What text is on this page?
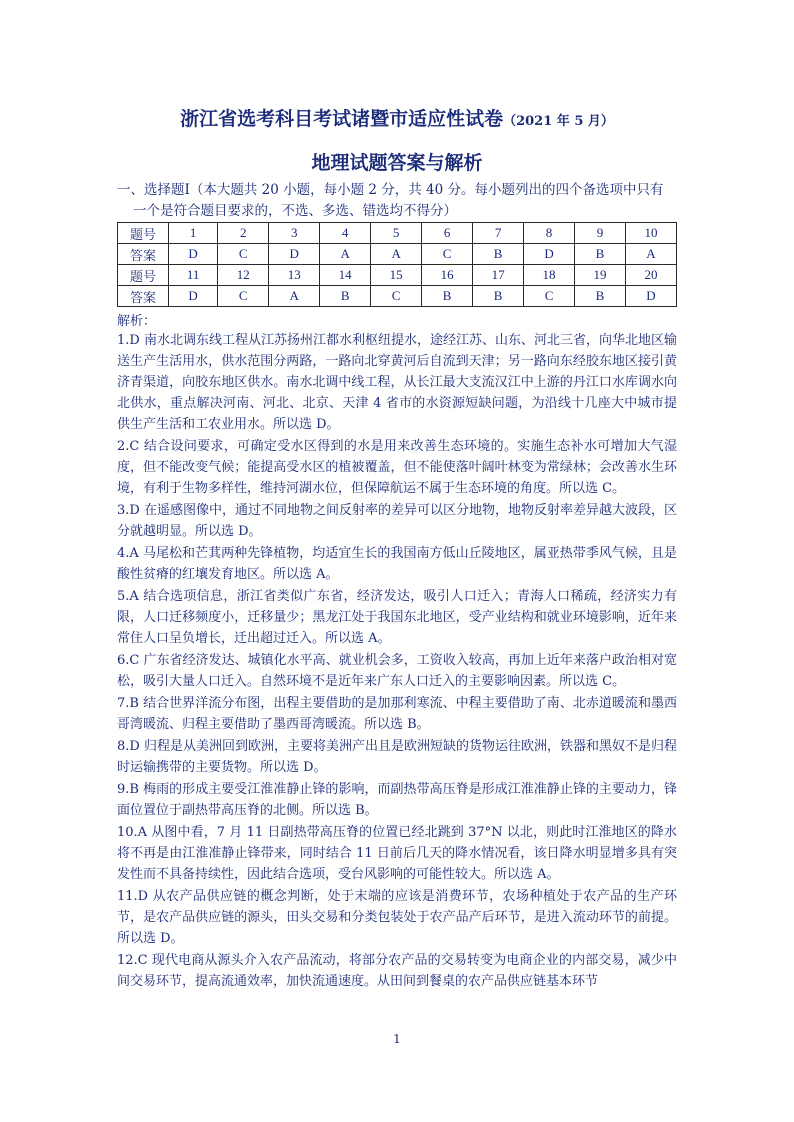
浙江省选考科目考试诸暨市适应性试卷（2021 年 5 月）
地理试题答案与解析
一、选择题Ⅰ（本大题共 20 小题，每小题 2 分，共 40 分。每小题列出的四个备选项中只有
一个是符合题目要求的，不选、多选、错选均不得分）
题号	1	2	3	4	5	6	7	8	9	10
答案	D	C	D	A	A	C	B	D	B	A
题号	11	12	13	14	15	16	17	18	19	20
答案	D	C	A	B	C	B	B	C	B	D
解析：

1.D 南水北调东线工程从江苏扬州江都水利枢纽提水，途经江苏、山东、河北三省，向华北地区输送生产生活用水，供水范围分两路，一路向北穿黄河后自流到天津；另一路向东经胶东地区接引黄济青渠道，向胶东地区供水。南水北调中线工程，从长江最大支流汉江中上游的丹江口水库调水向北供水，重点解决河南、河北、北京、天津 4 省市的水资源短缺问题，为沿线十几座大中城市提供生产生活和工农业用水。所以选 D。

2.C 结合设问要求，可确定受水区得到的水是用来改善生态环境的。实施生态补水可增加大气湿度，但不能改变气候；能提高受水区的植被覆盖，但不能使落叶阔叶林变为常绿林；会改善水生环境，有利于生物多样性，维持河湖水位，但保障航运不属于生态环境的角度。所以选 C。

3.D 在遥感图像中，通过不同地物之间反射率的差异可以区分地物，地物反射率差异越大波段，区分就越明显。所以选 D。

4.A 马尾松和芒萁两种先锋植物，均适宜生长的我国南方低山丘陵地区，属亚热带季风气候，且是酸性贫瘠的红壤发育地区。所以选 A。

5.A 结合选项信息，浙江省类似广东省，经济发达，吸引人口迁入；青海人口稀疏，经济实力有限，人口迁移频度小，迁移量少；黑龙江处于我国东北地区，受产业结构和就业环境影响，近年来常住人口呈负增长，迁出超过迁入。所以选 A。

6.C 广东省经济发达、城镇化水平高、就业机会多，工资收入较高，再加上近年来落户政治相对宽松，吸引大量人口迁入。自然环境不是近年来广东人口迁入的主要影响因素。所以选 C。

7.B 结合世界洋流分布图，出程主要借助的是加那利寒流、中程主要借助了南、北赤道暖流和墨西哥湾暖流、归程主要借助了墨西哥湾暖流。所以选 B。

8.D 归程是从美洲回到欧洲，主要将美洲产出且是欧洲短缺的货物运往欧洲，铁器和黑奴不是归程时运输携带的主要货物。所以选 D。

9.B 梅雨的形成主要受江淮准静止锋的影响，而副热带高压脊是形成江淮准静止锋的主要动力，锋面位置位于副热带高压脊的北侧。所以选 B。

10.A 从图中看，7 月 11 日副热带高压脊的位置已经北跳到 37°N 以北，则此时江淮地区的降水将不再是由江淮准静止锋带来，同时结合 11 日前后几天的降水情况看，该日降水明显增多具有突发性而不具备持续性，因此结合选项，受台风影响的可能性较大。所以选 A。

11.D 从农产品供应链的概念判断，处于末端的应该是消费环节，农场种植处于农产品的生产环节，是农产品供应链的源头，田头交易和分类包装处于农产品产后环节，是进入流动环节的前提。所以选 D。

12.C 现代电商从源头介入农产品流动，将部分农产品的交易转变为电商企业的内部交易，减少中间交易环节，提高流通效率，加快流通速度。从田间到餐桌的农产品供应链基本环节

1
